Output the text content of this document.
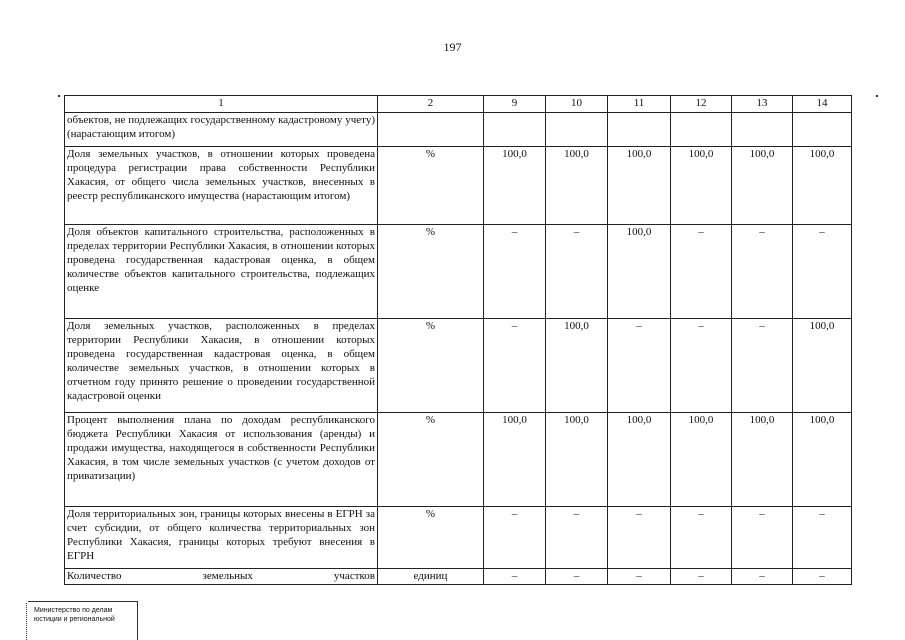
197
1	2	9	10	11	12	13	14
объектов, не подлежащих государственному кадастровому учету) (нарастающим итогом)							
Доля земельных участков, в отношении которых проведена процедура регистрации права собственности Республики Хакасия, от общего числа земельных участков, внесенных в реестр республиканского имущества (нарастающим итогом)	%	100,0	100,0	100,0	100,0	100,0	100,0
Доля объектов капитального строительства, расположенных в пределах территории Республики Хакасия, в отношении которых проведена государственная кадастровая оценка, в общем количестве объектов капитального строительства, подлежащих оценке	%	–	–	100,0	–	–	–
Доля земельных участков, расположенных в пределах территории Республики Хакасия, в отношении которых проведена государственная кадастровая оценка, в общем количестве земельных участков, в отношении которых в отчетном году принято решение о проведении государственной кадастровой оценки	%	–	100,0	–	–	–	100,0
Процент выполнения плана по доходам республиканского бюджета Республики Хакасия от использования (аренды) и продажи имущества, находящегося в собственности Республики Хакасия, в том числе земельных участков (с учетом доходов от приватизации)	%	100,0	100,0	100,0	100,0	100,0	100,0
Доля территориальных зон, границы которых внесены в ЕГРН за счет субсидии, от общего количества территориальных зон Республики Хакасия, границы которых требуют внесения в ЕГРН	%	–	–	–	–	–	–
Количество земельных участков	единиц	–	–	–	–	–	–
Министерство по делам
юстиции и региональной
